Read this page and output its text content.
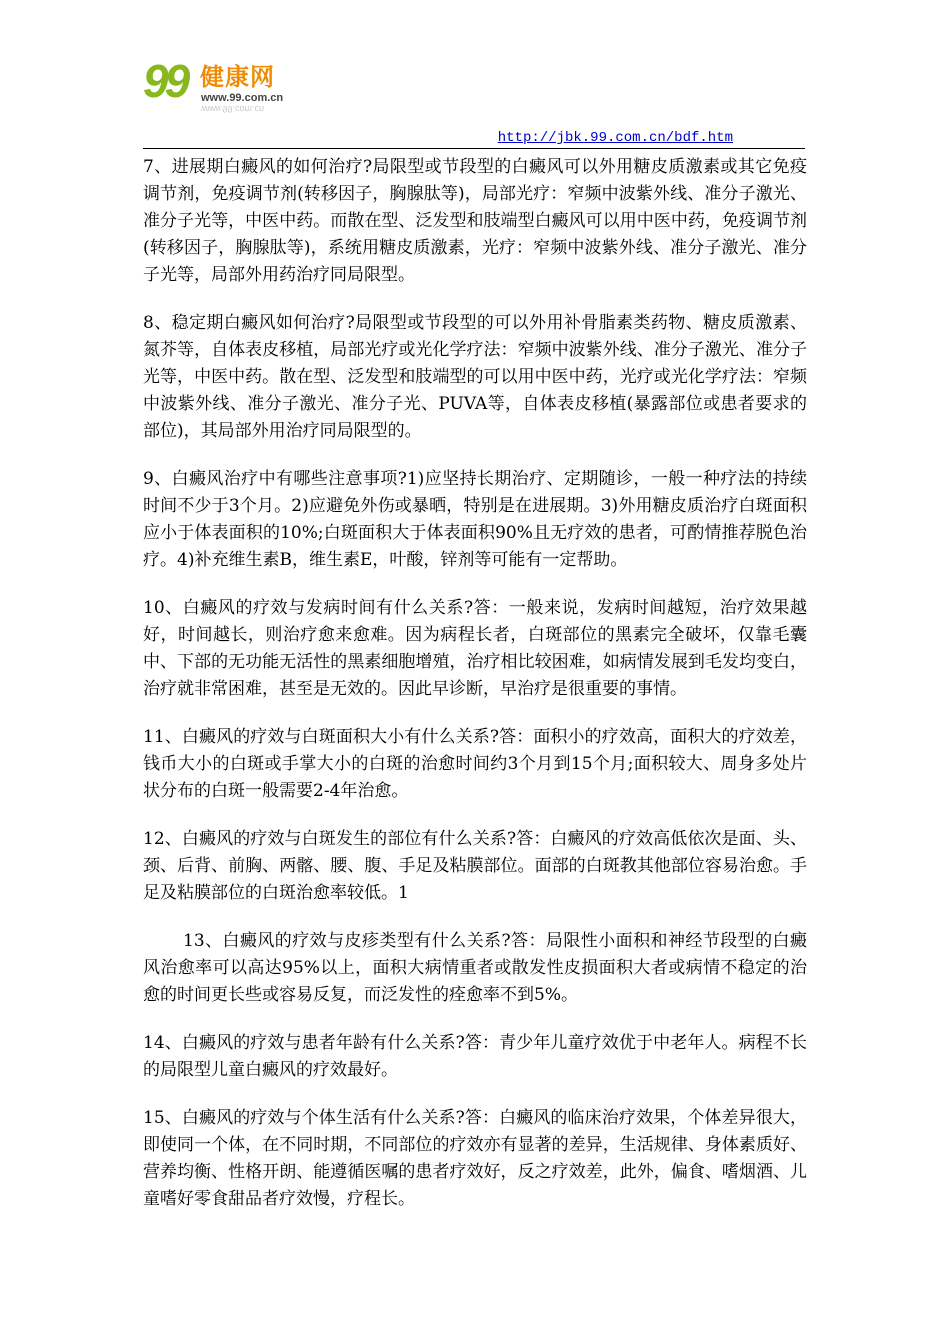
99 健康网
www.99.com.cn
www.99.com.cn
http://jbk.99.com.cn/bdf.htm

7、进展期白癜风的如何治疗?局限型或节段型的白癜风可以外用糖皮质激素或其它免疫调节剂，免疫调节剂(转移因子，胸腺肽等)，局部光疗：窄频中波紫外线、准分子激光、准分子光等，中医中药。而散在型、泛发型和肢端型白癜风可以用中医中药，免疫调节剂(转移因子，胸腺肽等)，系统用糖皮质激素，光疗：窄频中波紫外线、准分子激光、准分子光等，局部外用药治疗同局限型。

8、稳定期白癜风如何治疗?局限型或节段型的可以外用补骨脂素类药物、糖皮质激素、氮芥等，自体表皮移植，局部光疗或光化学疗法：窄频中波紫外线、准分子激光、准分子光等，中医中药。散在型、泛发型和肢端型的可以用中医中药，光疗或光化学疗法：窄频中波紫外线、准分子激光、准分子光、PUVA等，自体表皮移植(暴露部位或患者要求的部位)，其局部外用治疗同局限型的。

9、白癜风治疗中有哪些注意事项?1)应坚持长期治疗、定期随诊，一般一种疗法的持续时间不少于3个月。2)应避免外伤或暴晒，特别是在进展期。3)外用糖皮质治疗白斑面积应小于体表面积的10%;白斑面积大于体表面积90%且无疗效的患者，可酌情推荐脱色治疗。4)补充维生素B，维生素E，叶酸，锌剂等可能有一定帮助。

10、白癜风的疗效与发病时间有什么关系?答：一般来说，发病时间越短，治疗效果越好，时间越长，则治疗愈来愈难。因为病程长者，白斑部位的黑素完全破坏，仅靠毛囊中、下部的无功能无活性的黑素细胞增殖，治疗相比较困难，如病情发展到毛发均变白，治疗就非常困难，甚至是无效的。因此早诊断，早治疗是很重要的事情。

11、白癜风的疗效与白斑面积大小有什么关系?答：面积小的疗效高，面积大的疗效差，钱币大小的白斑或手掌大小的白斑的治愈时间约3个月到15个月;面积较大、周身多处片状分布的白斑一般需要2-4年治愈。

12、白癜风的疗效与白斑发生的部位有什么关系?答：白癜风的疗效高低依次是面、头、颈、后背、前胸、两髂、腰、腹、手足及粘膜部位。面部的白斑教其他部位容易治愈。手足及粘膜部位的白斑治愈率较低。1

13、白癜风的疗效与皮疹类型有什么关系?答：局限性小面积和神经节段型的白癜风治愈率可以高达95%以上，面积大病情重者或散发性皮损面积大者或病情不稳定的治愈的时间更长些或容易反复，而泛发性的痊愈率不到5%。

14、白癜风的疗效与患者年龄有什么关系?答：青少年儿童疗效优于中老年人。病程不长的局限型儿童白癜风的疗效最好。

15、白癜风的疗效与个体生活有什么关系?答：白癜风的临床治疗效果，个体差异很大，即使同一个体，在不同时期，不同部位的疗效亦有显著的差异，生活规律、身体素质好、营养均衡、性格开朗、能遵循医嘱的患者疗效好，反之疗效差，此外，偏食、嗜烟酒、儿童嗜好零食甜品者疗效慢，疗程长。
